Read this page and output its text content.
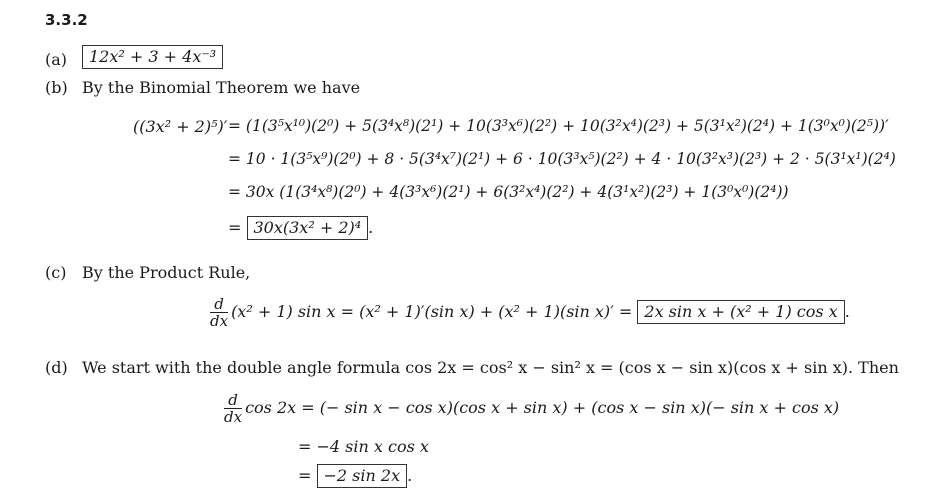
3.3.2
(a)	12x² + 3 + 4x⁻³
(b) By the Binomial Theorem we have
((3x² + 2)⁵)′ = (1(3⁵x¹⁰)(2⁰) + 5(3⁴x⁸)(2¹) + 10(3³x⁶)(2²) + 10(3²x⁴)(2³) + 5(3¹x²)(2⁴) + 1(3⁰x⁰)(2⁵))′
= 10 · 1(3⁵x⁹)(2⁰) + 8 · 5(3⁴x⁷)(2¹) + 6 · 10(3³x⁵)(2²) + 4 · 10(3²x³)(2³) + 2 · 5(3¹x¹)(2⁴)
= 30x (1(3⁴x⁸)(2⁰) + 4(3³x⁶)(2¹) + 6(3²x⁴)(2²) + 4(3¹x²)(2³) + 1(3⁰x⁰)(2⁴))
= 30x(3x² + 2)⁴ .
(c) By the Product Rule,
$\frac{d}{dx} (x^2 + 1)$ sin x = (x² + 1)′(sin x) + (x² + 1)(sin x)′ = 2x sin x + (x² + 1) cos x .
(d) We start with the double angle formula cos 2x = cos² x − sin² x = (cos x − sin x)(cos x + sin x). Then
$\frac{d}{dx}$ cos 2x = (− sin x − cos x)(cos x + sin x) + (cos x − sin x)(− sin x + cos x)
= −4 sin x cos x
= −2 sin 2x .
